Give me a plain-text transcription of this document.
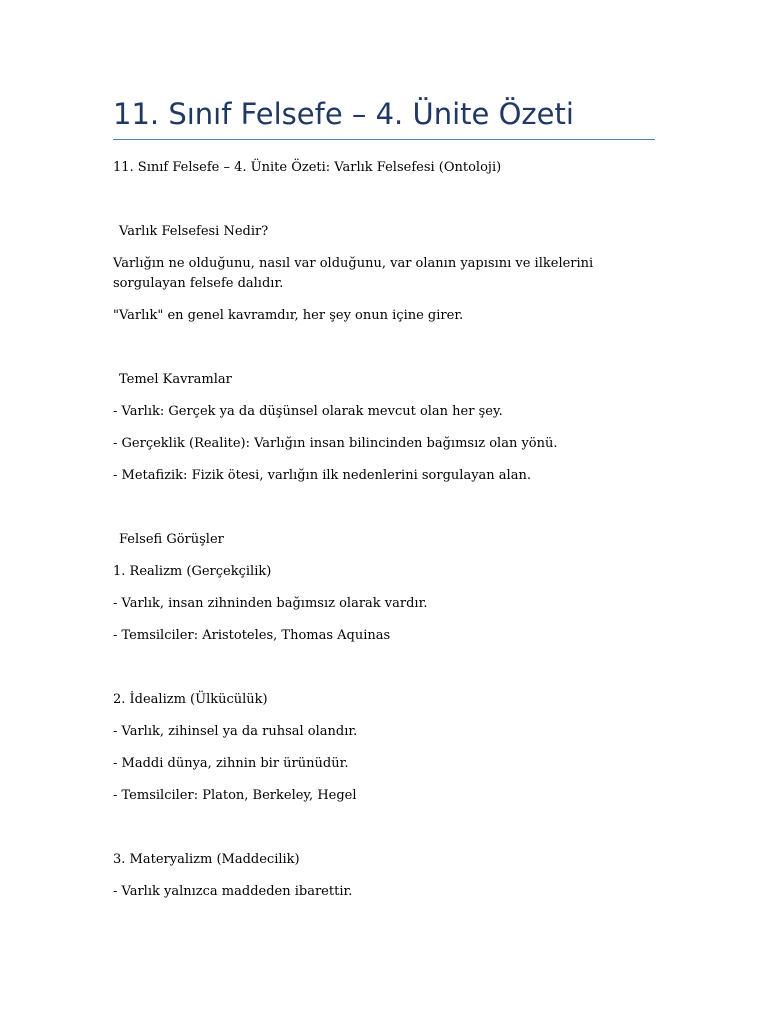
11. Sınıf Felsefe – 4. Ünite Özeti
11. Sınıf Felsefe – 4. Ünite Özeti: Varlık Felsefesi (Ontoloji)
Varlık Felsefesi Nedir?

Varlığın ne olduğunu, nasıl var olduğunu, var olanın yapısını ve ilkelerini sorgulayan felsefe dalıdır.

"Varlık" en genel kavramdır, her şey onun içine girer.
Temel Kavramlar
- Varlık: Gerçek ya da düşünsel olarak mevcut olan her şey.
- Gerçeklik (Realite): Varlığın insan bilincinden bağımsız olan yönü.
- Metafizik: Fizik ötesi, varlığın ilk nedenlerini sorgulayan alan.
Felsefi Görüşler
1. Realizm (Gerçekçilik)
- Varlık, insan zihninden bağımsız olarak vardır.
- Temsilciler: Aristoteles, Thomas Aquinas
2. İdealizm (Ülkücülük)
- Varlık, zihinsel ya da ruhsal olandır.
- Maddi dünya, zihnin bir ürünüdür.
- Temsilciler: Platon, Berkeley, Hegel
3. Materyalizm (Maddecilik)
- Varlık yalnızca maddeden ibarettir.
